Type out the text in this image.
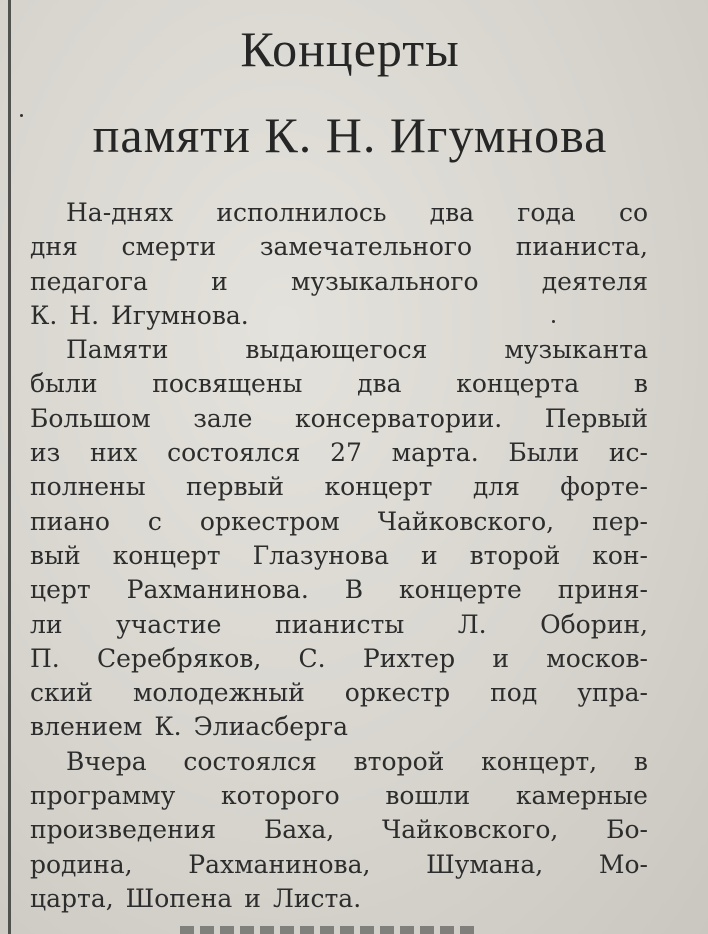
Концерты
памяти К. Н. Игумнова
На-днях исполнилось два года со
дня смерти замечательного пианиста,
педагога	и	музыкального	деятеля
К. Н. Игумнова.
Памяти	выдающегося	музыканта
были посвящены два концерта в
Большом зале консерватории. Первый
из них состоялся 27 марта. Были ис-
полнены первый концерт для форте-
пиано с оркестром Чайковского, пер-
вый концерт Глазунова и второй кон-
церт Рахманинова. В концерте приня-
ли участие пианисты Л. Оборин,
П. Серебряков, С. Рихтер и москов-
ский молодежный оркестр под упра-
влением К. Элиасберга
Вчера состоялся второй концерт, в
программу которого вошли камерные
произведения Баха, Чайковского, Бо-
родина, Рахманинова, Шумана, Мо-
царта, Шопена и Листа.
